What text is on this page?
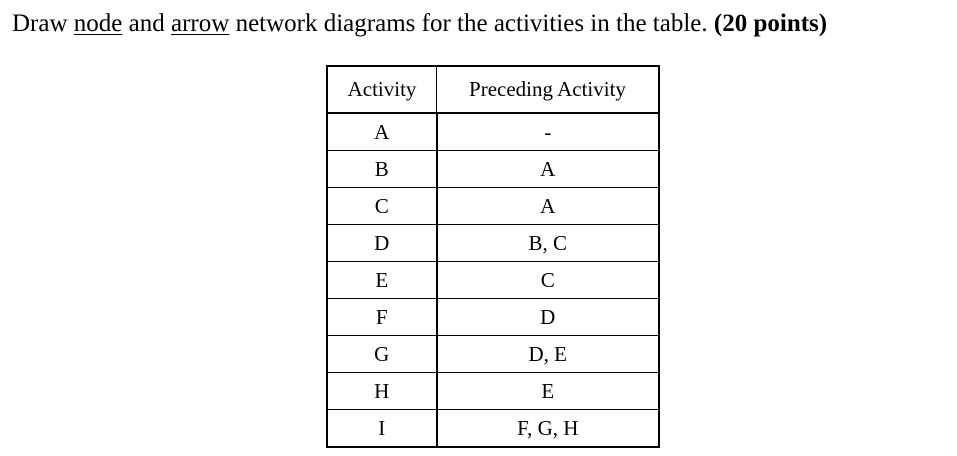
Draw node and arrow network diagrams for the activities in the table. (20 points)
Activity	Preceding Activity
A	-
B	A
C	A
D	B, C
E	C
F	D
G	D, E
H	E
I	F, G, H
